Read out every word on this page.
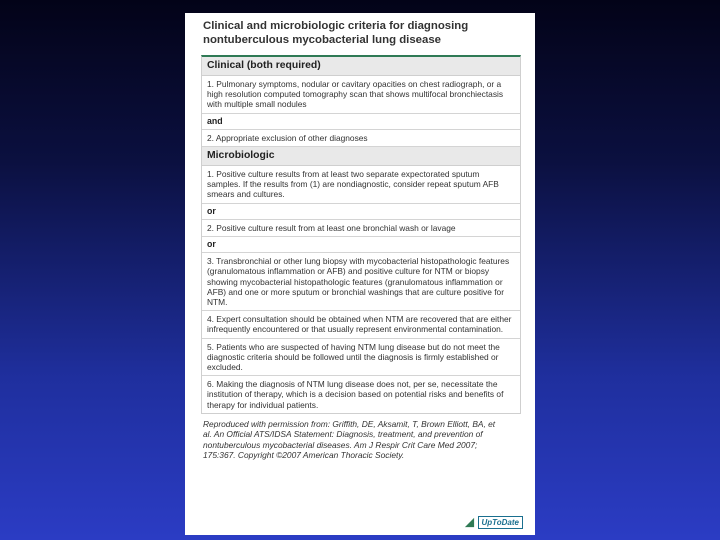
Clinical and microbiologic criteria for diagnosing nontuberculous mycobacterial lung disease
Clinical (both required)
1. Pulmonary symptoms, nodular or cavitary opacities on chest radiograph, or a high resolution computed tomography scan that shows multifocal bronchiectasis with multiple small nodules
and
2. Appropriate exclusion of other diagnoses
Microbiologic
1. Positive culture results from at least two separate expectorated sputum samples. If the results from (1) are nondiagnostic, consider repeat sputum AFB smears and cultures.
or
2. Positive culture result from at least one bronchial wash or lavage
or
3. Transbronchial or other lung biopsy with mycobacterial histopathologic features (granulomatous inflammation or AFB) and positive culture for NTM or biopsy showing mycobacterial histopathologic features (granulomatous inflammation or AFB) and one or more sputum or bronchial washings that are culture positive for NTM.
4. Expert consultation should be obtained when NTM are recovered that are either infrequently encountered or that usually represent environmental contamination.
5. Patients who are suspected of having NTM lung disease but do not meet the diagnostic criteria should be followed until the diagnosis is firmly established or excluded.
6. Making the diagnosis of NTM lung disease does not, per se, necessitate the institution of therapy, which is a decision based on potential risks and benefits of therapy for individual patients.
Reproduced with permission from: Griffith, DE, Aksamit, T, Brown Elliott, BA, et al. An Official ATS/IDSA Statement: Diagnosis, treatment, and prevention of nontuberculous mycobacterial diseases. Am J Respir Crit Care Med 2007; 175:367. Copyright ©2007 American Thoracic Society.
UpToDate
